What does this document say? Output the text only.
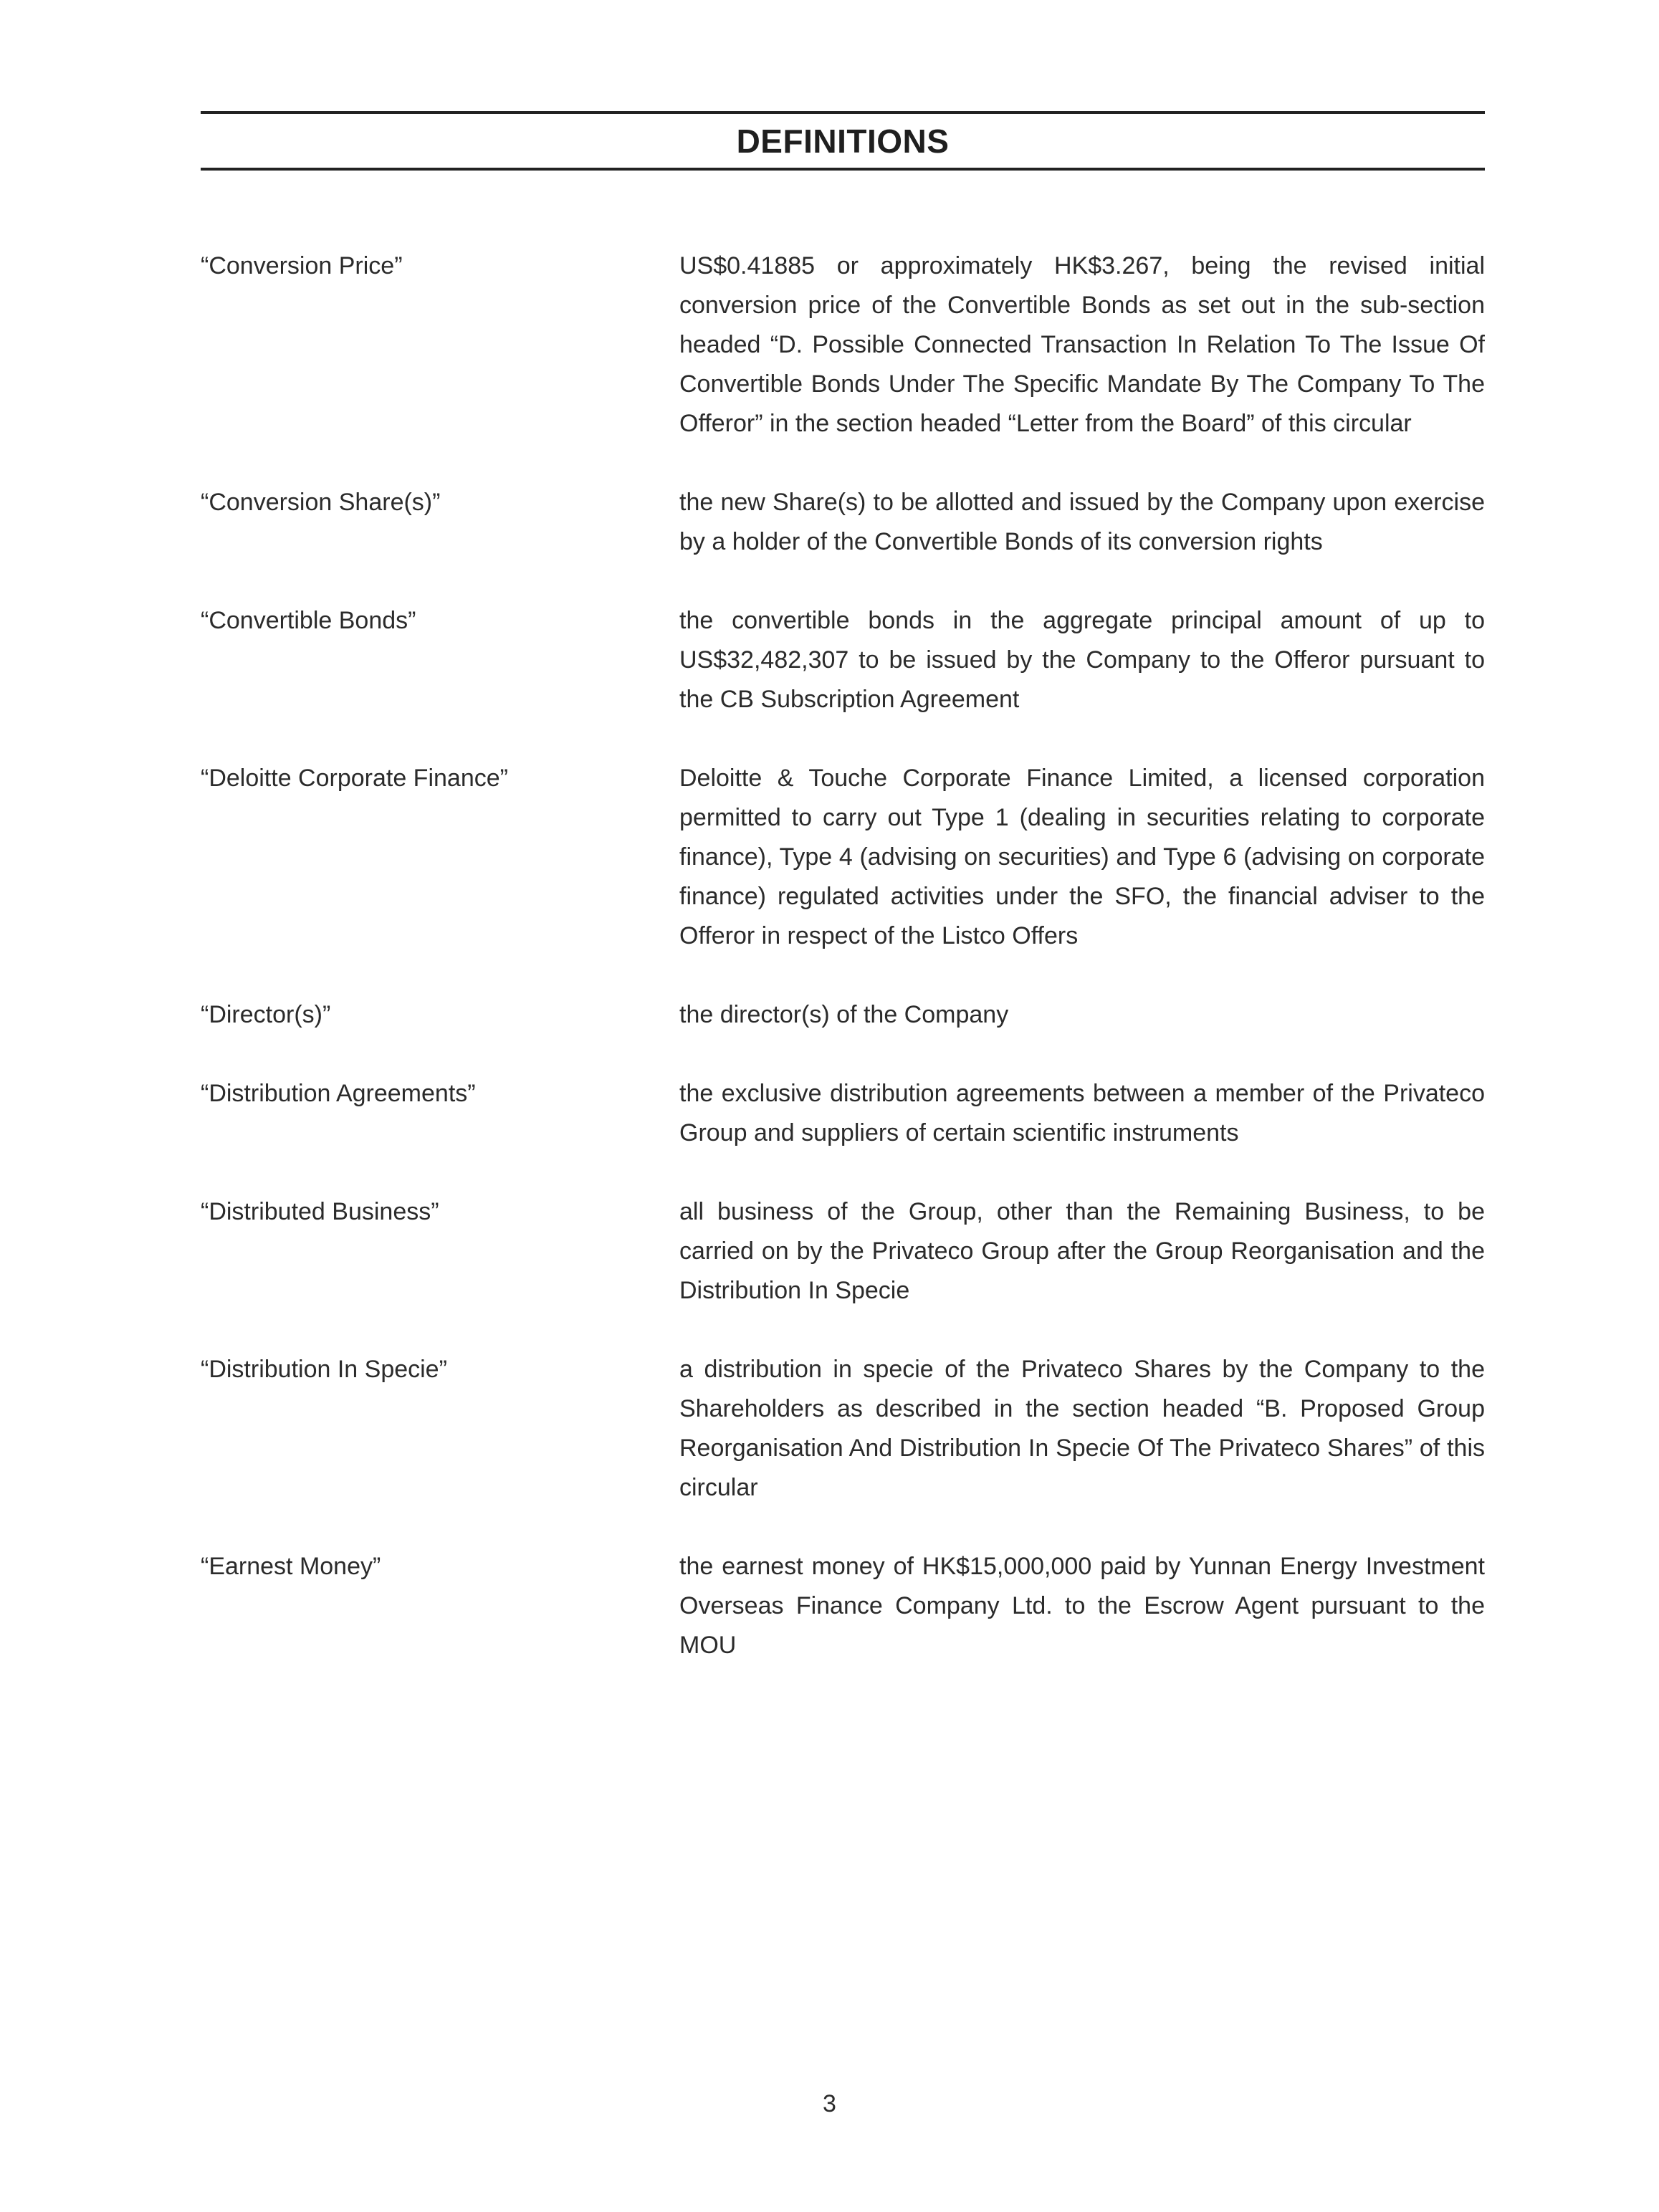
DEFINITIONS
“Conversion Price”	US$0.41885 or approximately HK$3.267, being the revised initial conversion price of the Convertible Bonds as set out in the sub-section headed “D. Possible Connected Transaction In Relation To The Issue Of Convertible Bonds Under The Specific Mandate By The Company To The Offeror” in the section headed “Letter from the Board” of this circular
“Conversion Share(s)”	the new Share(s) to be allotted and issued by the Company upon exercise by a holder of the Convertible Bonds of its conversion rights
“Convertible Bonds”	the convertible bonds in the aggregate principal amount of up to US$32,482,307 to be issued by the Company to the Offeror pursuant to the CB Subscription Agreement
“Deloitte Corporate Finance”	Deloitte & Touche Corporate Finance Limited, a licensed corporation permitted to carry out Type 1 (dealing in securities relating to corporate finance), Type 4 (advising on securities) and Type 6 (advising on corporate finance) regulated activities under the SFO, the financial adviser to the Offeror in respect of the Listco Offers
“Director(s)”	the director(s) of the Company
“Distribution Agreements”	the exclusive distribution agreements between a member of the Privateco Group and suppliers of certain scientific instruments
“Distributed Business”	all business of the Group, other than the Remaining Business, to be carried on by the Privateco Group after the Group Reorganisation and the Distribution In Specie
“Distribution In Specie”	a distribution in specie of the Privateco Shares by the Company to the Shareholders as described in the section headed “B. Proposed Group Reorganisation And Distribution In Specie Of The Privateco Shares” of this circular
“Earnest Money”	the earnest money of HK$15,000,000 paid by Yunnan Energy Investment Overseas Finance Company Ltd. to the Escrow Agent pursuant to the MOU
3
